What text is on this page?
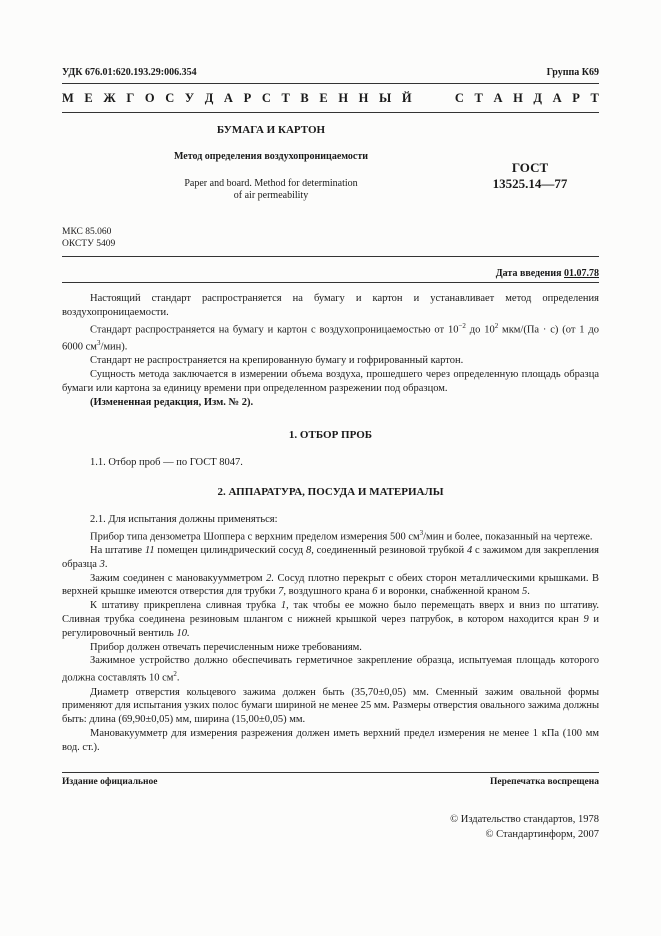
УДК 676.01:620.193.29:006.354	Группа К69
М Е Ж Г О С У Д А Р С Т В Е Н Н Ы Й	С Т А Н Д А Р Т
БУМАГА И КАРТОН
Метод определения воздухопроницаемости
Paper and board. Method for determination
of air permeability
ГОСТ
13525.14—77
МКС 85.060
ОКСТУ 5409
Дата введения 01.07.78

Настоящий стандарт распространяется на бумагу и картон и устанавливает метод определения воздухопроницаемости.

Стандарт распространяется на бумагу и картон с воздухопроницаемостью от $10^{-2}$ до $10^2$ мкм/(Па · с) (от 1 до 6000 $см^3/мин$).

Стандарт не распространяется на крепированную бумагу и гофрированный картон.

Сущность метода заключается в измерении объема воздуха, прошедшего через определенную площадь образца бумаги или картона за единицу времени при определенном разрежении под образцом.

(Измененная редакция, Изм. № 2).

1. ОТБОР ПРОБ

1.1. Отбор проб — по ГОСТ 8047.

2. АППАРАТУРА, ПОСУДА И МАТЕРИАЛЫ

2.1. Для испытания должны применяться:

Прибор типа дензометра Шоппера с верхним пределом измерения 500 $см^3$/мин и более, показанный на чертеже.

На штативе 11 помещен цилиндрический сосуд 8, соединенный резиновой трубкой 4 с зажимом для закрепления образца 3.

Зажим соединен с мановакуумметром 2. Сосуд плотно перекрыт с обеих сторон металлическими крышками. В верхней крышке имеются отверстия для трубки 7, воздушного крана 6 и воронки, снабженной краном 5.

К штативу прикреплена сливная трубка 1, так чтобы ее можно было перемещать вверх и вниз по штативу. Сливная трубка соединена резиновым шлангом с нижней крышкой через патрубок, в котором находится кран 9 и регулировочный вентиль 10.

Прибор должен отвечать перечисленным ниже требованиям.

Зажимное устройство должно обеспечивать герметичное закрепление образца, испытуемая площадь которого должна составлять 10 $см^2$.

Диаметр отверстия кольцевого зажима должен быть (35,70±0,05) мм. Сменный зажим овальной формы применяют для испытания узких полос бумаги шириной не менее 25 мм. Размеры отверстия овального зажима должны быть: длина (69,90±0,05) мм, ширина (15,00±0,05) мм.

Мановакуумметр для измерения разрежения должен иметь верхний предел измерения не менее 1 кПа (100 мм вод. ст.).

Издание официальное	Перепечатка воспрещена
© Издательство стандартов, 1978
© Стандартинформ, 2007
